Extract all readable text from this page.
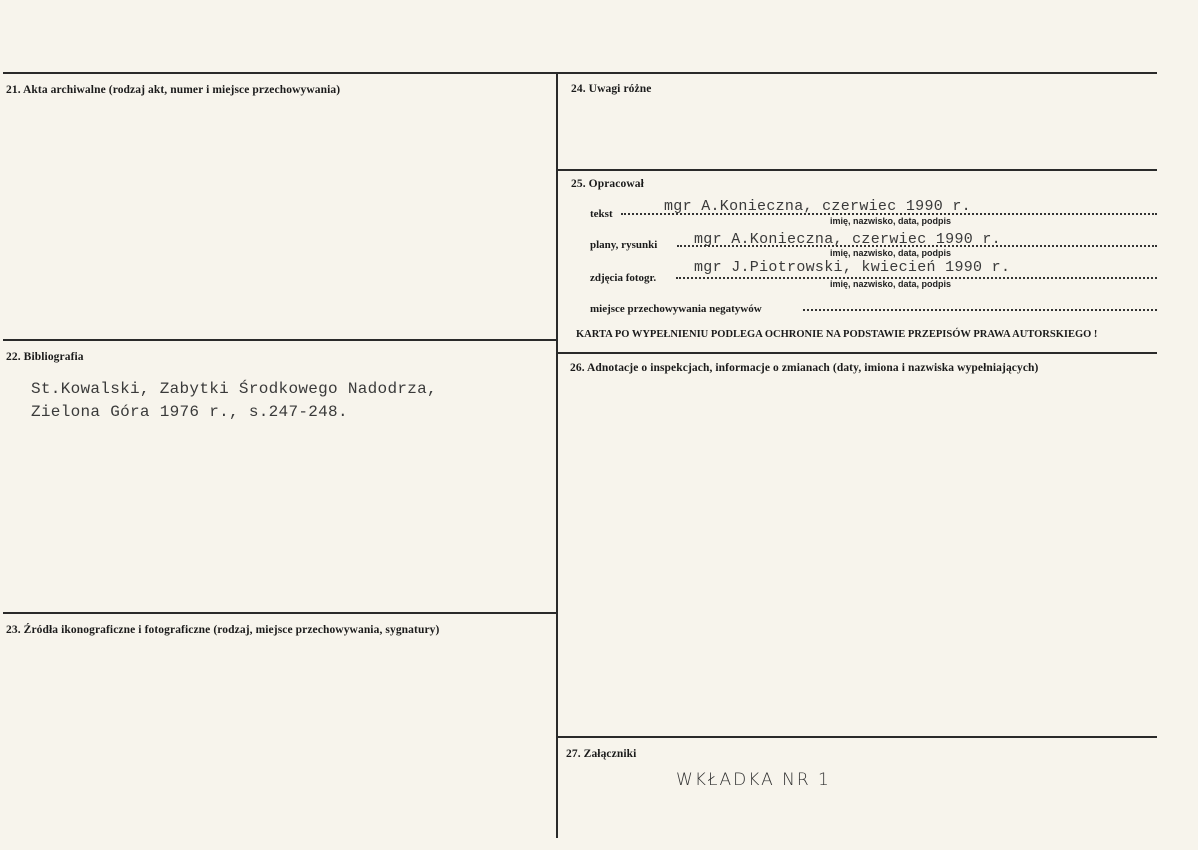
21. Akta archiwalne (rodzaj akt, numer i miejsce przechowywania)
22. Bibliografia
St.Kowalski, Zabytki Środkowego Nadodrza,
Zielona Góra 1976 r., s.247-248.
23. Źródła ikonograficzne i fotograficzne (rodzaj, miejsce przechowywania, sygnatury)
24. Uwagi różne
25. Opracował
tekst	mgr A.Konieczna, czerwiec 1990 r.
imię, nazwisko, data, podpis
plany, rysunki mgr A.Konieczna, czerwiec 1990 r.
imię, nazwisko, data, podpis
zdjęcia fotogr.
mgr J.Piotrowski, kwiecień 1990 r.
imię, nazwisko, data, podpis
miejsce przechowywania negatywów
KARTA PO WYPEŁNIENIU PODLEGA OCHRONIE NA PODSTAWIE PRZEPISÓW PRAWA AUTORSKIEGO !
26. Adnotacje o inspekcjach, informacje o zmianach (daty, imiona i nazwiska wypełniających)
27. Załączniki
WKŁADKA NR 1
